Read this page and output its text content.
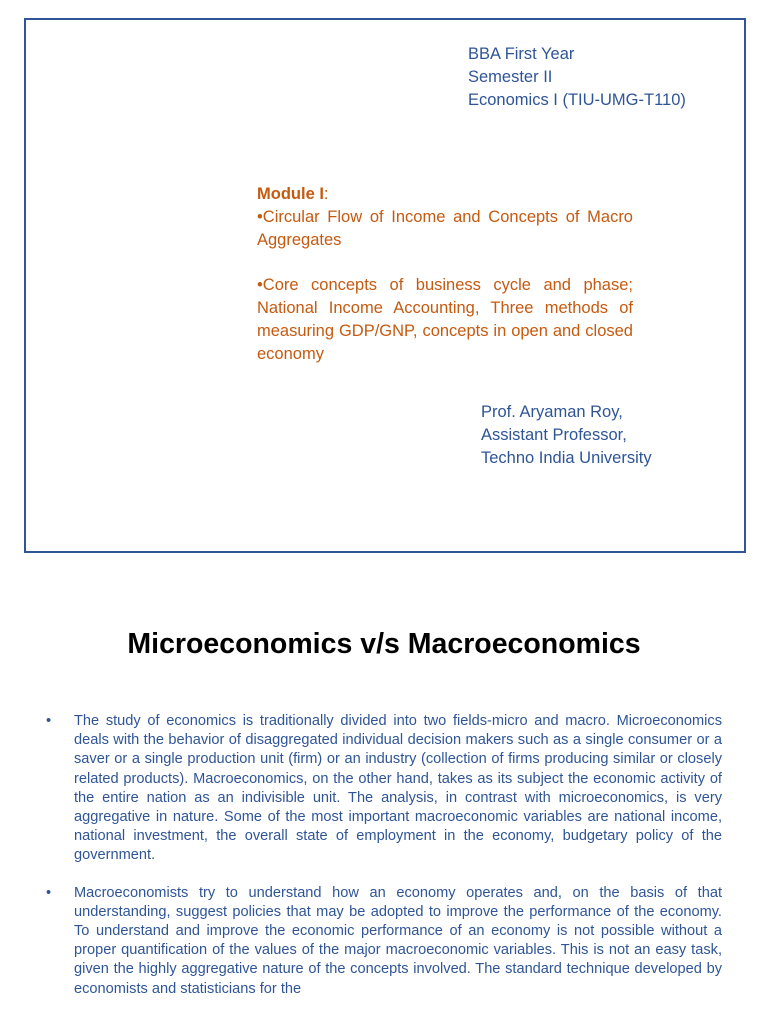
BBA First Year
Semester II
Economics I (TIU-UMG-T110)
Module I:

•Circular Flow of Income and Concepts of Macro Aggregates

•Core concepts of business cycle and phase; National Income Accounting, Three methods of measuring GDP/GNP, concepts in open and closed economy

Prof. Aryaman Roy,
Assistant Professor,
Techno India University
Microeconomics v/s Macroeconomics
• The study of economics is traditionally divided into two fields-micro and macro. Microeconomics deals with the behavior of disaggregated individual decision makers such as a single consumer or a saver or a single production unit (firm) or an industry (collection of firms producing similar or closely related products). Macroeconomics, on the other hand, takes as its subject the economic activity of the entire nation as an indivisible unit. The analysis, in contrast with microeconomics, is very aggregative in nature. Some of the most important macroeconomic variables are national income, national investment, the overall state of employment in the economy, budgetary policy of the government.
• Macroeconomists try to understand how an economy operates and, on the basis of that understanding, suggest policies that may be adopted to improve the performance of the economy. To understand and improve the economic performance of an economy is not possible without a proper quantification of the values of the major macroeconomic variables. This is not an easy task, given the highly aggregative nature of the concepts involved. The standard technique developed by economists and statisticians for the
